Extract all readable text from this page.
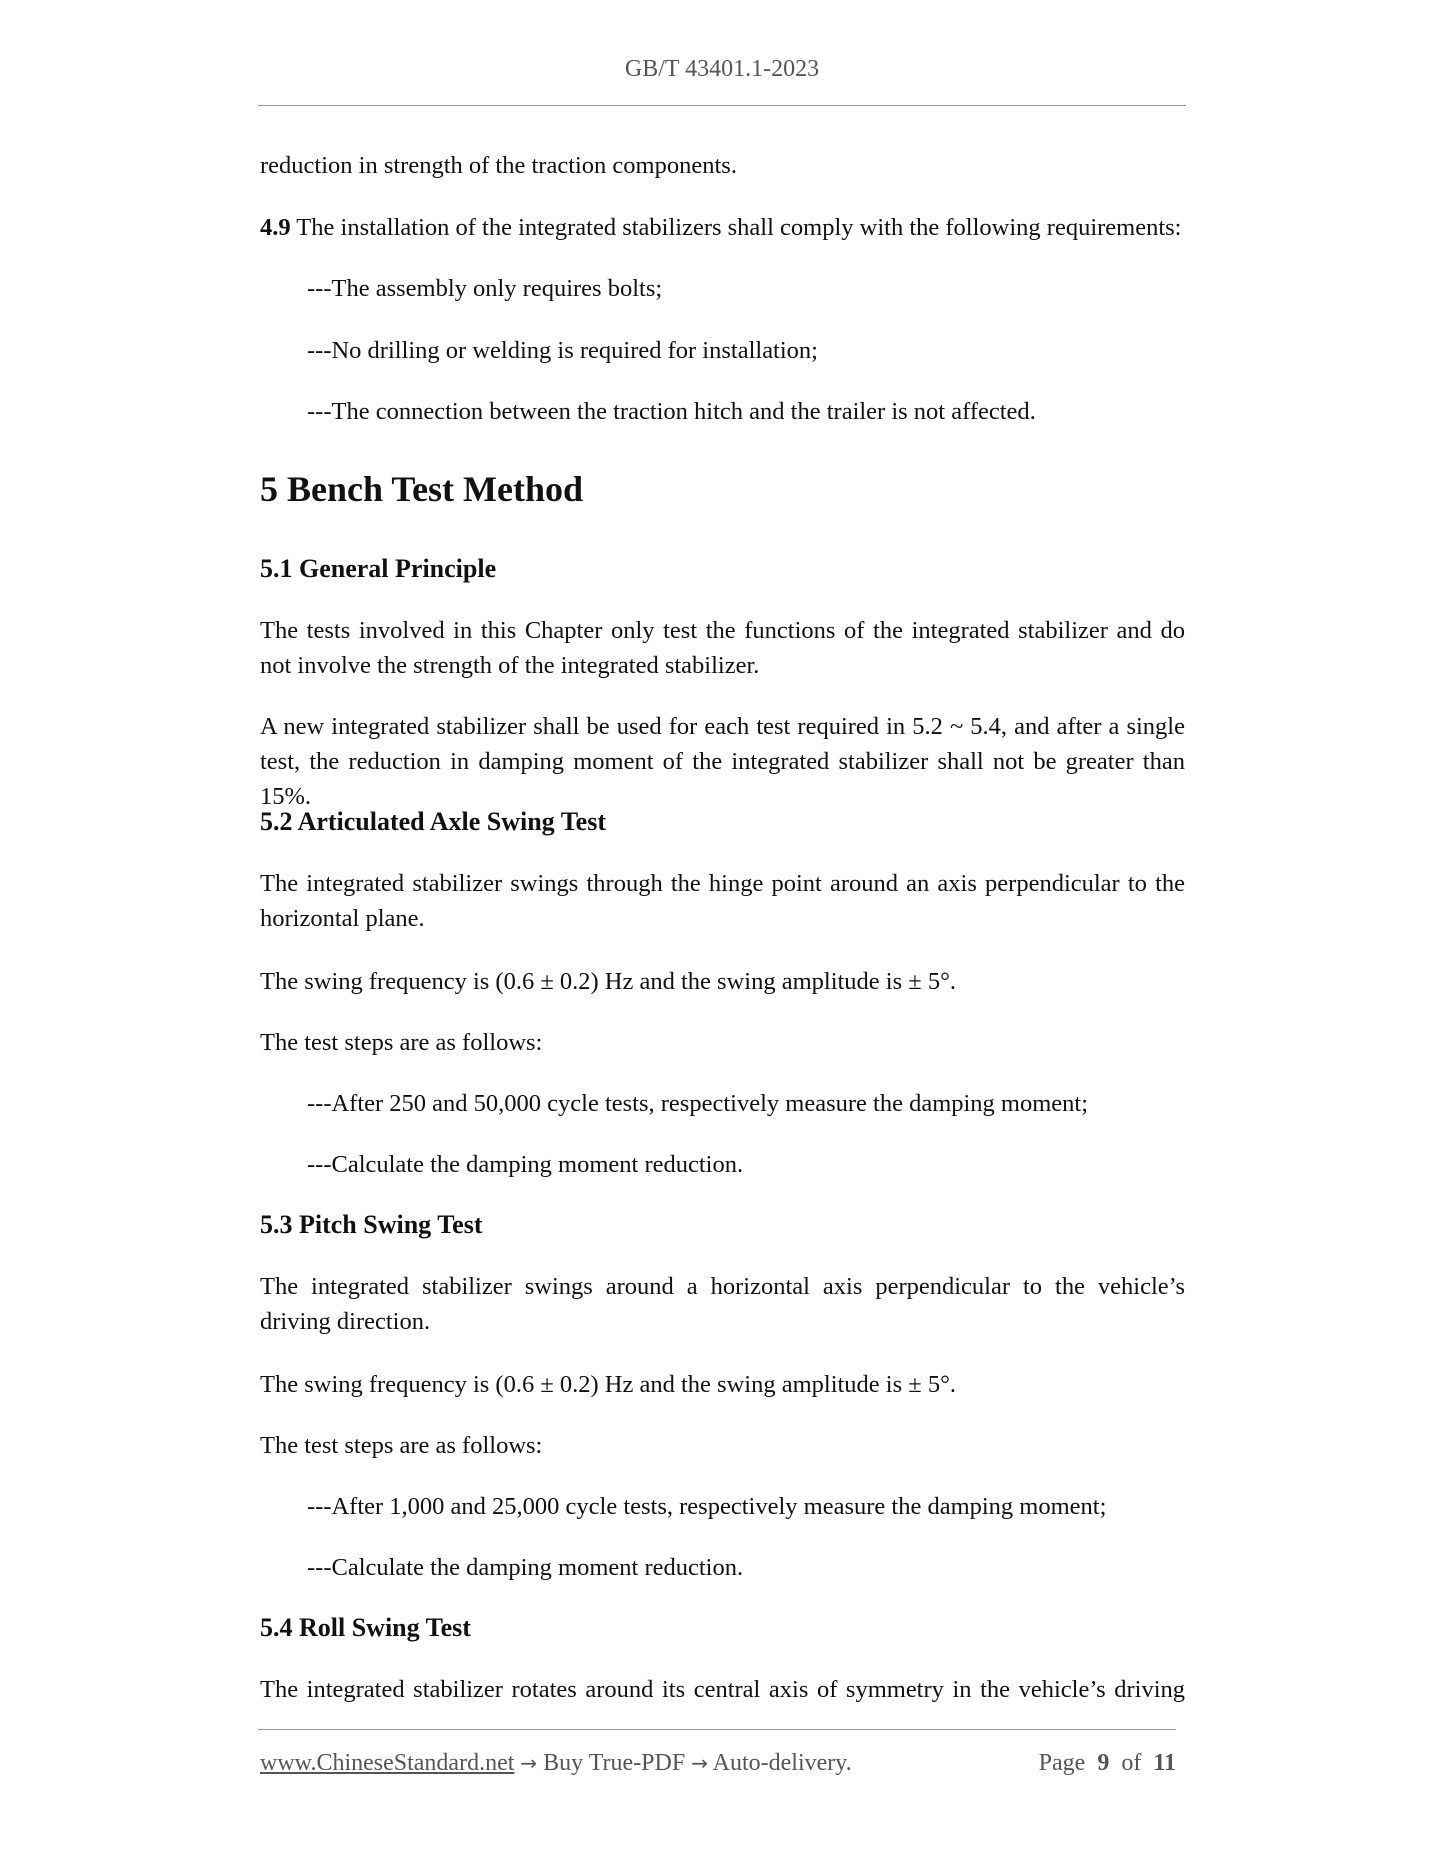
GB/T 43401.1-2023

reduction in strength of the traction components.

4.9 The installation of the integrated stabilizers shall comply with the following requirements:

---The assembly only requires bolts;

---No drilling or welding is required for installation;

---The connection between the traction hitch and the trailer is not affected.

5 Bench Test Method
5.1 General Principle

The tests involved in this Chapter only test the functions of the integrated stabilizer and do not involve the strength of the integrated stabilizer.

A new integrated stabilizer shall be used for each test required in 5.2 ~ 5.4, and after a single test, the reduction in damping moment of the integrated stabilizer shall not be greater than 15%.

5.2 Articulated Axle Swing Test

The integrated stabilizer swings through the hinge point around an axis perpendicular to the horizontal plane.

The swing frequency is (0.6 ± 0.2) Hz and the swing amplitude is ± 5°.

The test steps are as follows:

---After 250 and 50,000 cycle tests, respectively measure the damping moment;

---Calculate the damping moment reduction.

5.3 Pitch Swing Test

The integrated stabilizer swings around a horizontal axis perpendicular to the vehicle’s driving direction.

The swing frequency is (0.6 ± 0.2) Hz and the swing amplitude is ± 5°.

The test steps are as follows:

---After 1,000 and 25,000 cycle tests, respectively measure the damping moment;

---Calculate the damping moment reduction.

5.4 Roll Swing Test

The integrated stabilizer rotates around its central axis of symmetry in the vehicle’s driving

www.ChineseStandard.net → Buy True-PDF → Auto-delivery.	Page 9 of 11
